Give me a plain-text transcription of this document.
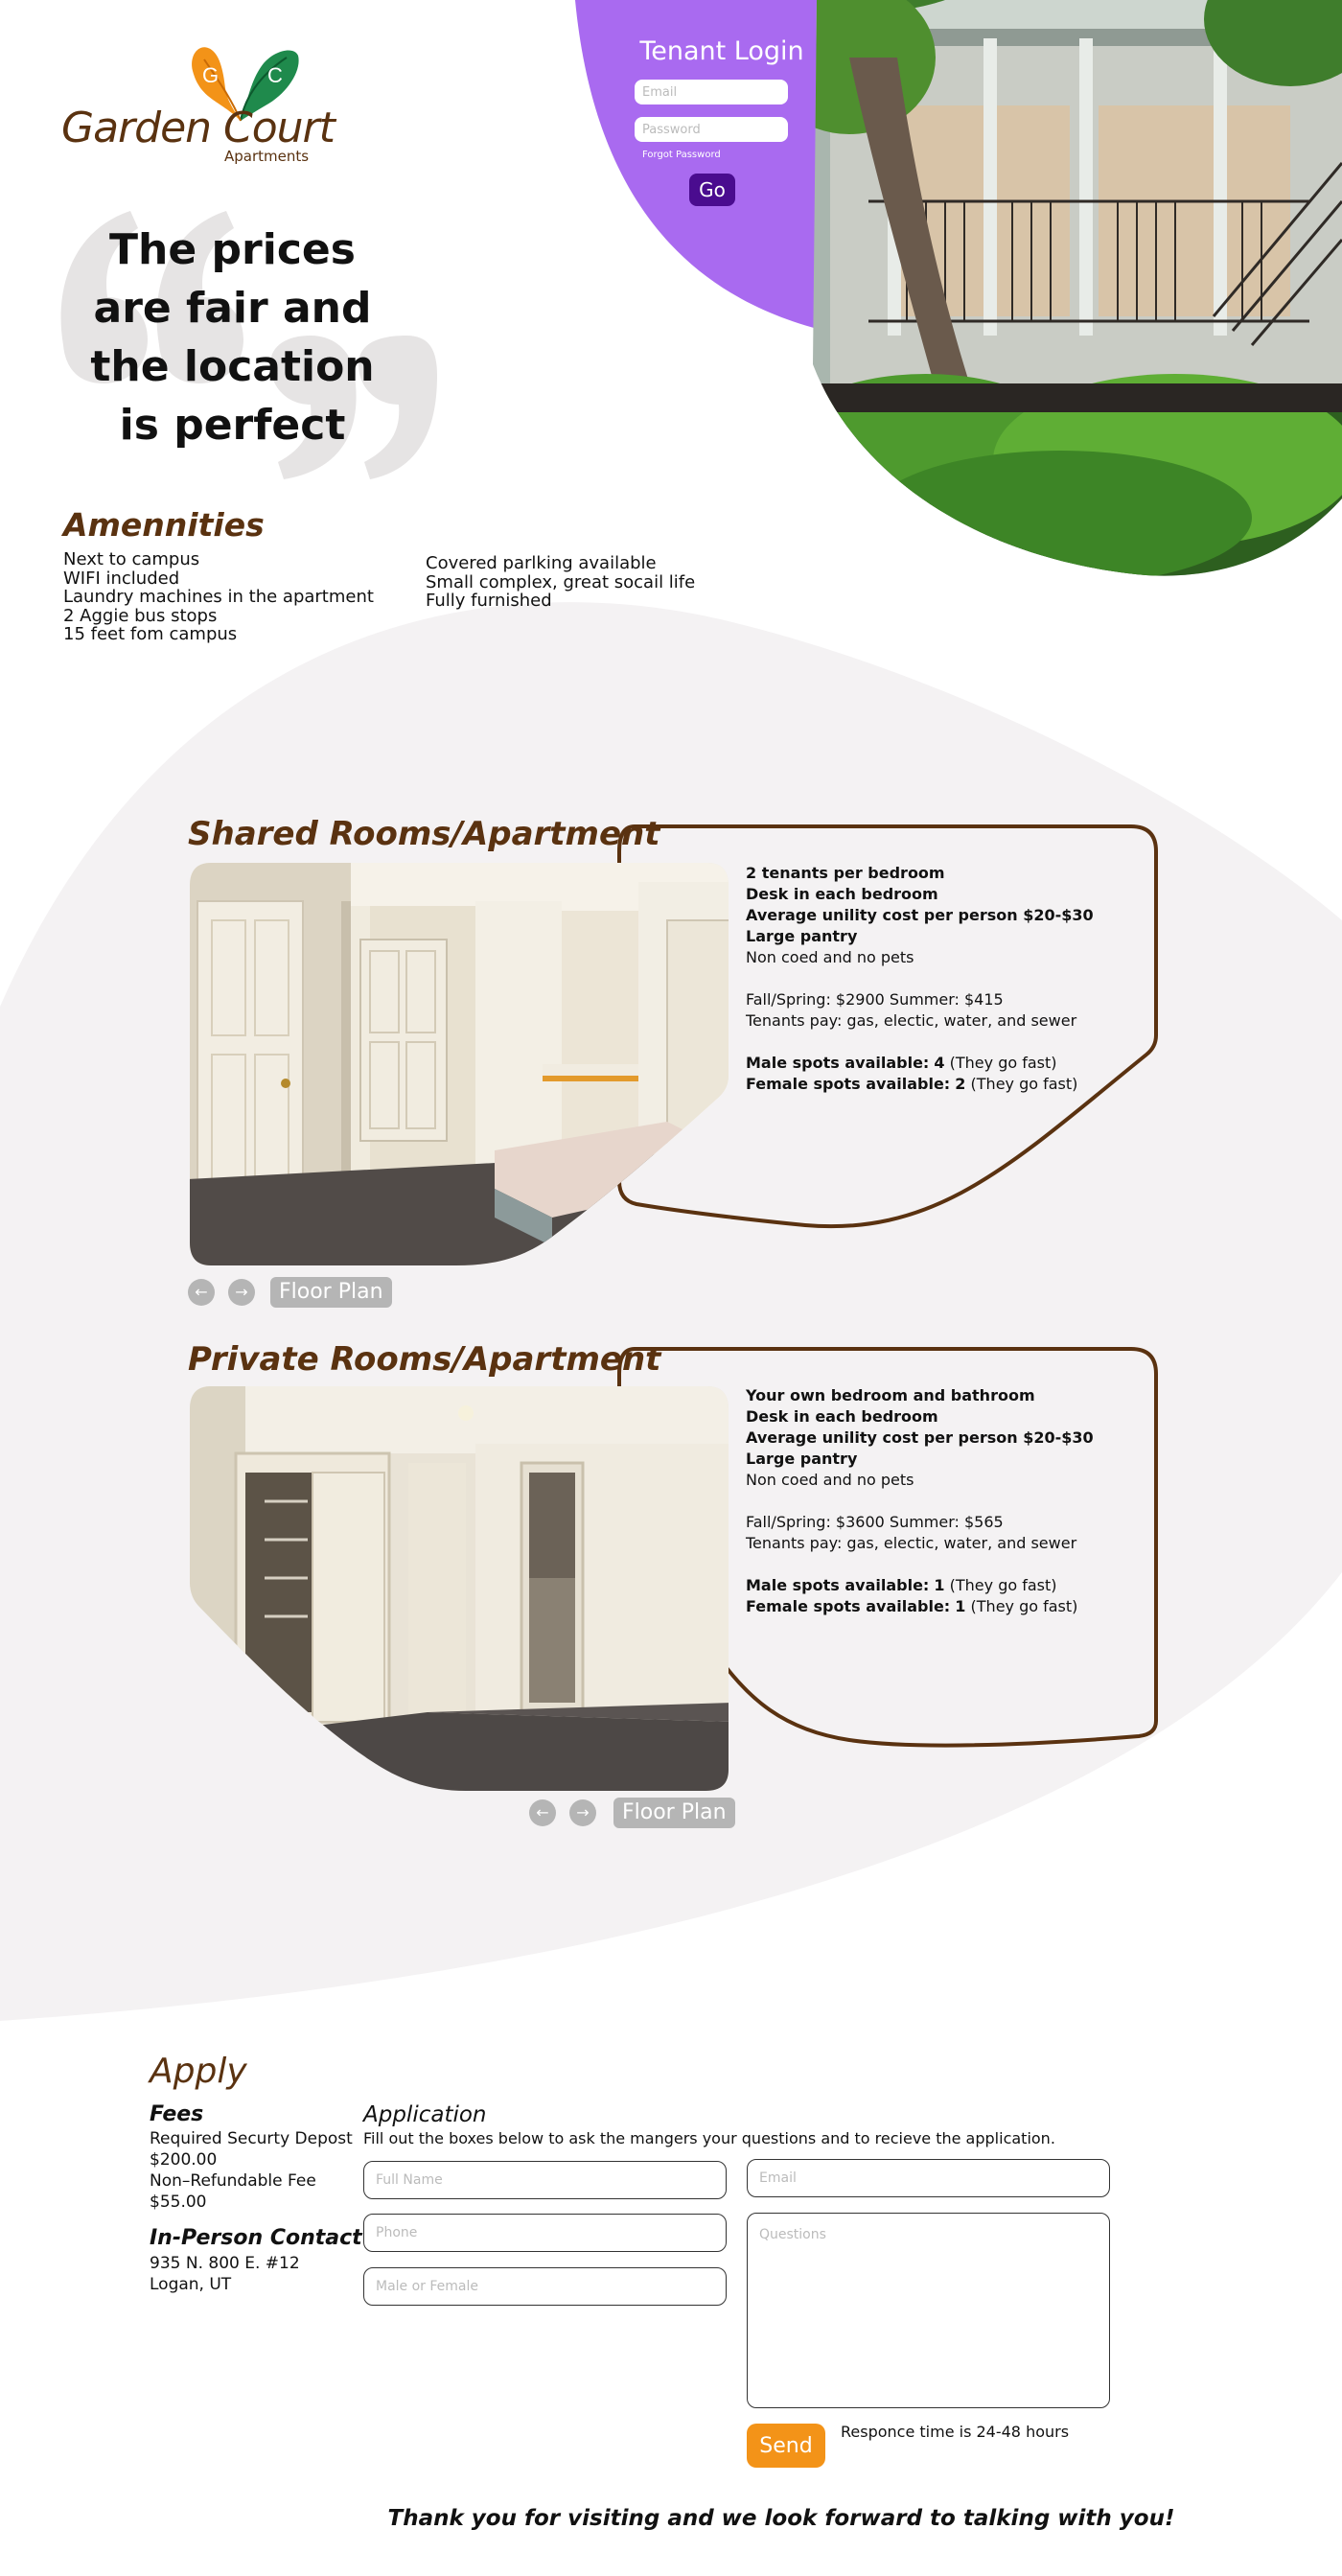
G C
Garden Court
Apartments
Tenant Login
Email
Forgot Password
Go
The prices are fair and the location is perfect
Amennities
Next to campus
WIFI included
Laundry machines in the apartment
2 Aggie bus stops
15 feet fom campus
Covered parlking available
Small complex, great socail life
Fully furnished
Shared Rooms/Apartment

2 tenants per bedroom

Desk in each bedroom

Average unility cost per person $20-$30

Large pantry

Non coed and no pets

Fall/Spring: $2900 Summer: $415

Tenants pay: gas, electic, water, and sewer

Male spots available: 4 (They go fast)

Female spots available: 2 (They go fast)

←	→	Floor Plan
Private Rooms/Apartment

Your own bedroom and bathroom

Desk in each bedroom

Average unility cost per person $20-$30

Large pantry

Non coed and no pets

Fall/Spring: $3600 Summer: $565

Tenants pay: gas, electic, water, and sewer

Male spots available: 1 (They go fast)

Female spots available: 1 (They go fast)

←	→	Floor Plan
Apply
Fees
Required Securty Depost
$200.00
Non–Refundable Fee
$55.00
In-Person Contact
935 N. 800 E. #12
Logan, UT
Application
Fill out the boxes below to ask the mangers your questions and to recieve the application.
Full Name
Phone
Male or Female
Email
Questions
Send
Responce time is 24-48 hours
Thank you for visiting and we look forward to talking with you!
